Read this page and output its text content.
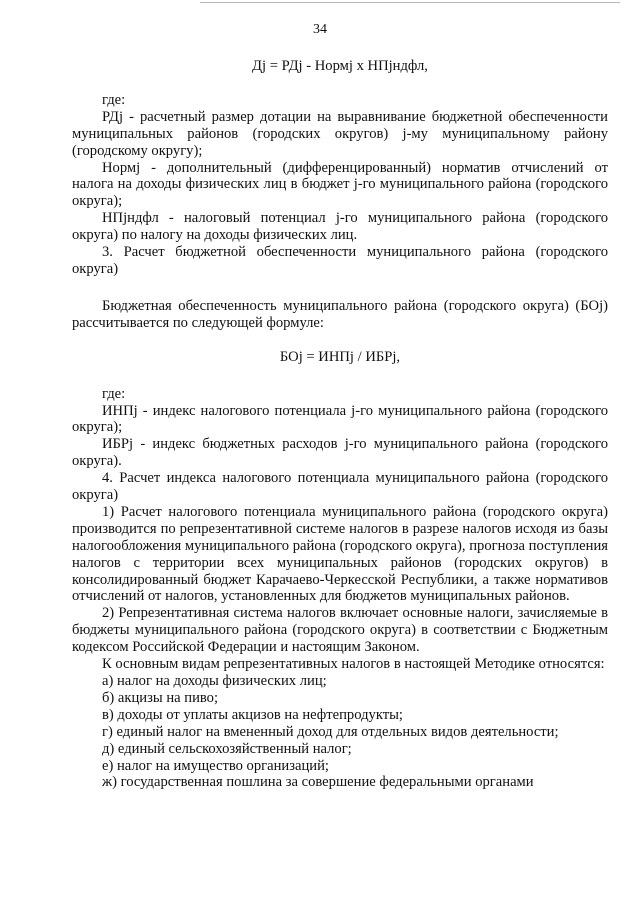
34

Дj = РДj - Нормj х НПjндфл,

где:

РДj - расчетный размер дотации на выравнивание бюджетной обеспеченности муниципальных районов (городских округов) j-му муниципальному району (городскому округу);

Нормj - дополнительный (дифференцированный) норматив отчислений от налога на доходы физических лиц в бюджет j-го муниципального района (городского округа);

НПjндфл - налоговый потенциал j-го муниципального района (городского округа) по налогу на доходы физических лиц.

3. Расчет бюджетной обеспеченности муниципального района (городского округа)

Бюджетная обеспеченность муниципального района (городского округа) (БОj) рассчитывается по следующей формуле:

БОj = ИНПj / ИБРj,

где:

ИНПj - индекс налогового потенциала j-го муниципального района (городского округа);

ИБРj - индекс бюджетных расходов j-го муниципального района (городского округа).

4. Расчет индекса налогового потенциала муниципального района (городского округа)

1) Расчет налогового потенциала муниципального района (городского округа) производится по репрезентативной системе налогов в разрезе налогов исходя из базы налогообложения муниципального района (городского округа), прогноза поступления налогов с территории всех муниципальных районов (городских округов) в консолидированный бюджет Карачаево-Черкесской Республики, а также нормативов отчислений от налогов, установленных для бюджетов муниципальных районов.

2) Репрезентативная система налогов включает основные налоги, зачисляемые в бюджеты муниципального района (городского округа) в соответствии с Бюджетным кодексом Российской Федерации и настоящим Законом.

К основным видам репрезентативных налогов в настоящей Методике относятся:

а) налог на доходы физических лиц;

б) акцизы на пиво;

в) доходы от уплаты акцизов на нефтепродукты;

г) единый налог на вмененный доход для отдельных видов деятельности;

д) единый сельскохозяйственный налог;

е) налог на имущество организаций;

ж) государственная пошлина за совершение федеральными органами
